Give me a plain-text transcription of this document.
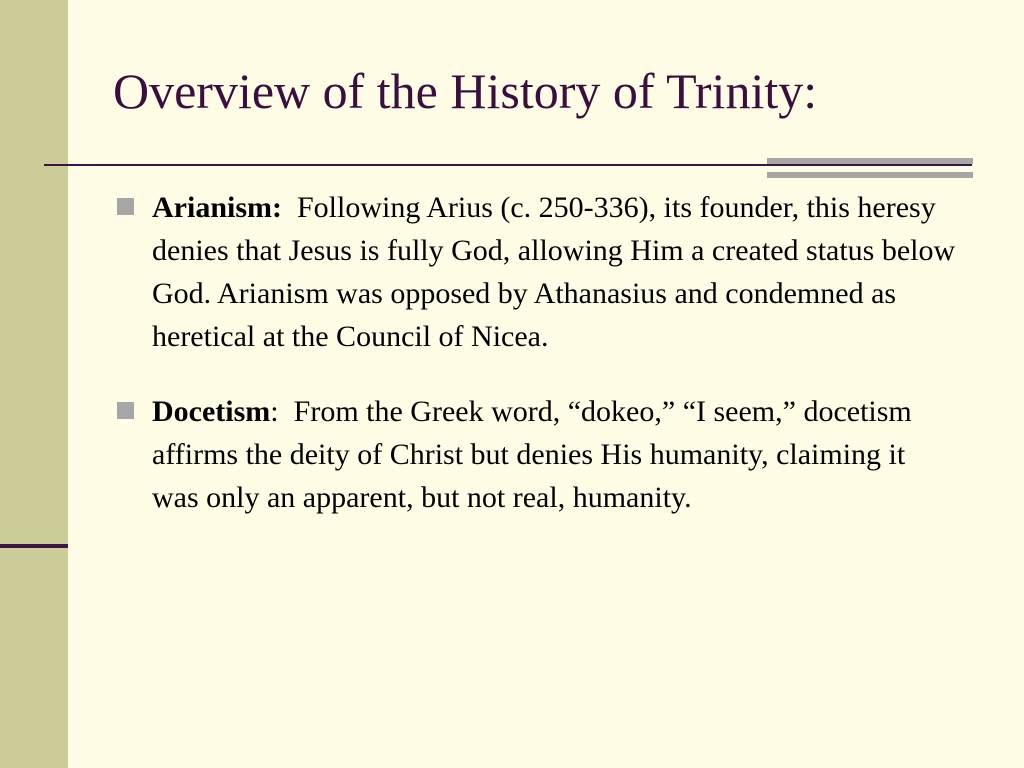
Overview of the History of Trinity:
Arianism: Following Arius (c. 250-336), its founder, this heresy denies that Jesus is fully God, allowing Him a created status below God. Arianism was opposed by Athanasius and condemned as heretical at the Council of Nicea.
Docetism:  From the Greek word, “dokeo,” “I seem,” docetism affirms the deity of Christ but denies His humanity, claiming it was only an apparent, but not real, humanity.
